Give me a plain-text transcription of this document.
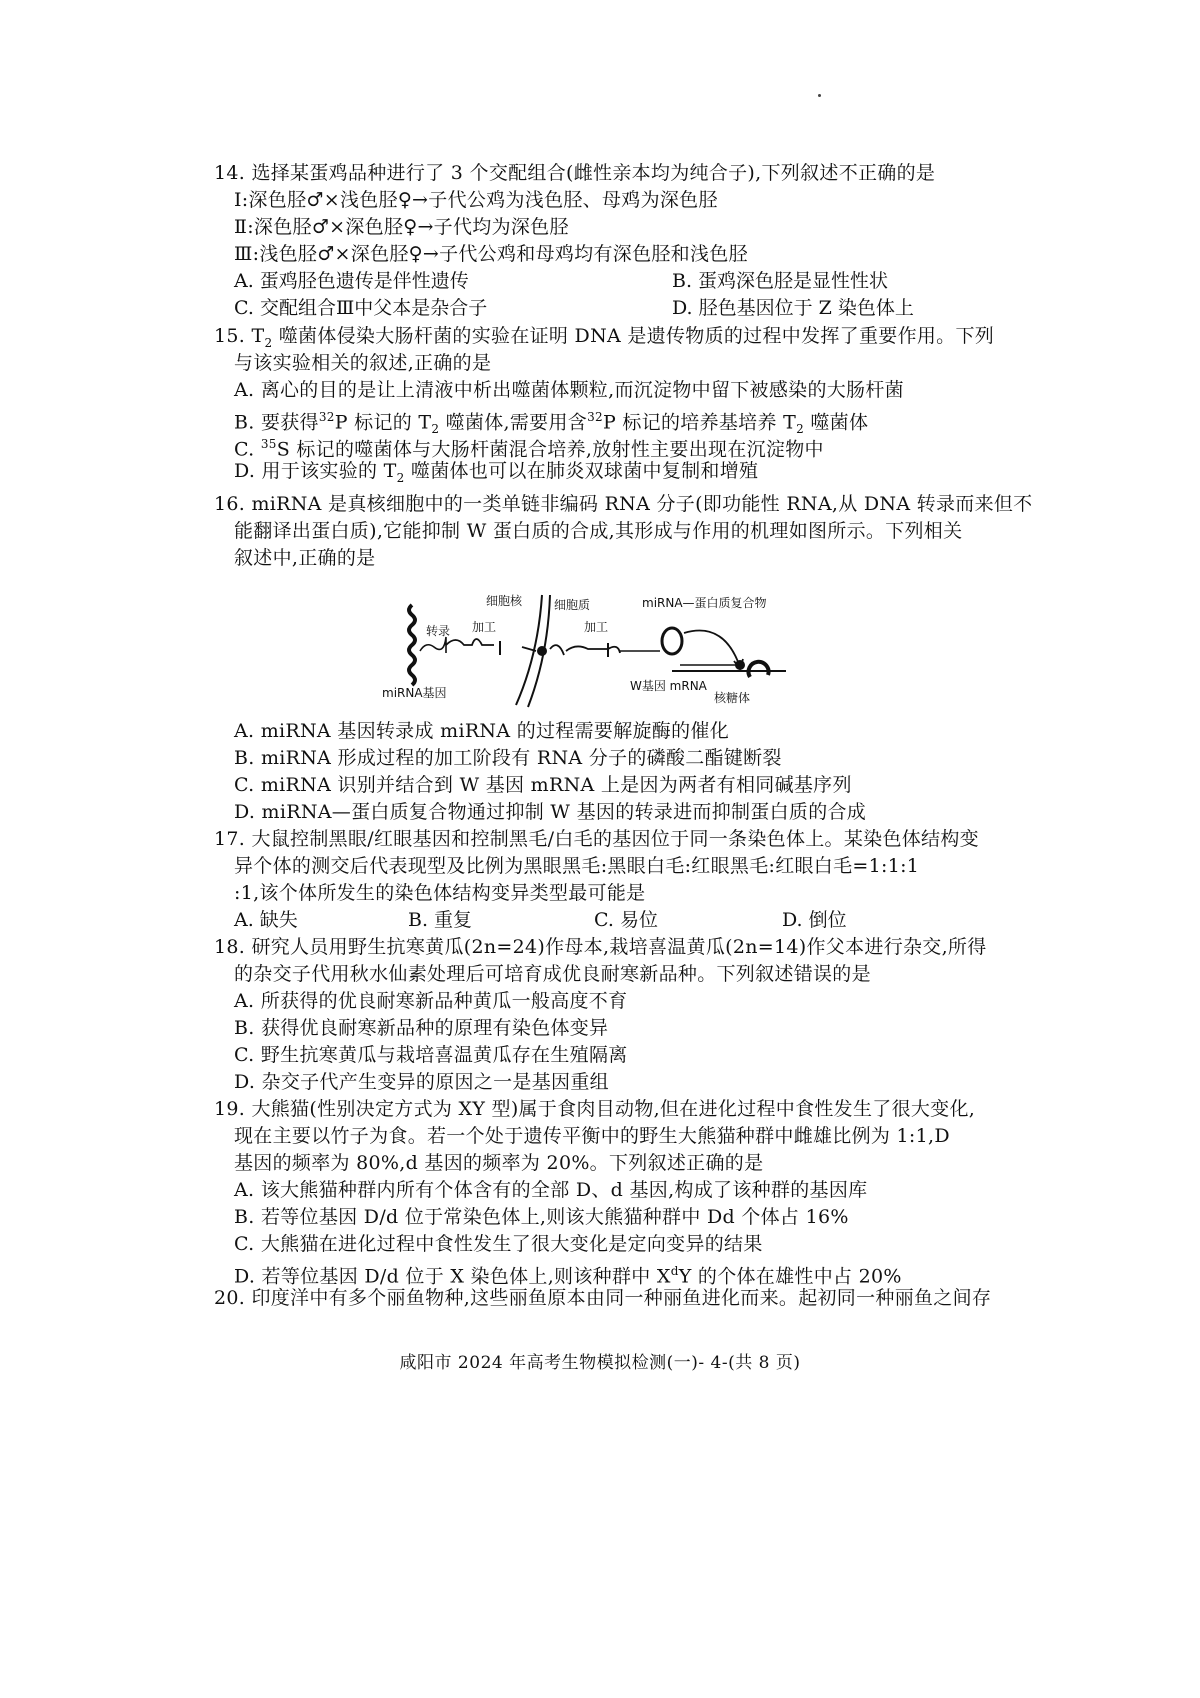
14. 选择某蛋鸡品种进行了 3 个交配组合(雌性亲本均为纯合子),下列叙述不正确的是
Ⅰ:深色胫♂×浅色胫♀→子代公鸡为浅色胫、母鸡为深色胫
Ⅱ:深色胫♂×深色胫♀→子代均为深色胫
Ⅲ:浅色胫♂×深色胫♀→子代公鸡和母鸡均有深色胫和浅色胫
A. 蛋鸡胫色遗传是伴性遗传	B. 蛋鸡深色胫是显性性状
C. 交配组合Ⅲ中父本是杂合子	D. 胫色基因位于 Z 染色体上
15. $T_2$ 噬菌体侵染大肠杆菌的实验在证明 DNA 是遗传物质的过程中发挥了重要作用。下列
与该实验相关的叙述,正确的是
A. 离心的目的是让上清液中析出噬菌体颗粒,而沉淀物中留下被感染的大肠杆菌
B. 要获得$^{32}$P 标记的 $T_2$ 噬菌体,需要用含$^{32}$P 标记的培养基培养 $T_2$ 噬菌体
C. $^{35}$S 标记的噬菌体与大肠杆菌混合培养,放射性主要出现在沉淀物中
D. 用于该实验的 $T_2$ 噬菌体也可以在肺炎双球菌中复制和增殖
16. miRNA 是真核细胞中的一类单链非编码 RNA 分子(即功能性 RNA,从 DNA 转录而来但不
能翻译出蛋白质),它能抑制 W 蛋白质的合成,其形成与作用的机理如图所示。下列相关
叙述中,正确的是
转录 加工
细胞核	细胞质
加工
miRNA—蛋白质复合物
W基因 mRNA
核糖体
miRNA基因
A. miRNA 基因转录成 miRNA 的过程需要解旋酶的催化
B. miRNA 形成过程的加工阶段有 RNA 分子的磷酸二酯键断裂
C. miRNA 识别并结合到 W 基因 mRNA 上是因为两者有相同碱基序列
D. miRNA—蛋白质复合物通过抑制 W 基因的转录进而抑制蛋白质的合成
17. 大鼠控制黑眼/红眼基因和控制黑毛/白毛的基因位于同一条染色体上。某染色体结构变
异个体的测交后代表现型及比例为黑眼黑毛:黑眼白毛:红眼黑毛:红眼白毛=1:1:1
:1,该个体所发生的染色体结构变异类型最可能是
A. 缺失	B. 重复	C. 易位	D. 倒位
18. 研究人员用野生抗寒黄瓜(2n=24)作母本,栽培喜温黄瓜(2n=14)作父本进行杂交,所得
的杂交子代用秋水仙素处理后可培育成优良耐寒新品种。下列叙述错误的是
A. 所获得的优良耐寒新品种黄瓜一般高度不育
B. 获得优良耐寒新品种的原理有染色体变异
C. 野生抗寒黄瓜与栽培喜温黄瓜存在生殖隔离
D. 杂交子代产生变异的原因之一是基因重组
19. 大熊猫(性别决定方式为 XY 型)属于食肉目动物,但在进化过程中食性发生了很大变化,
现在主要以竹子为食。若一个处于遗传平衡中的野生大熊猫种群中雌雄比例为 1:1,D
基因的频率为 80%,d 基因的频率为 20%。下列叙述正确的是
A. 该大熊猫种群内所有个体含有的全部 D、d 基因,构成了该种群的基因库
B. 若等位基因 D/d 位于常染色体上,则该大熊猫种群中 Dd 个体占 16%
C. 大熊猫在进化过程中食性发生了很大变化是定向变异的结果
D. 若等位基因 D/d 位于 X 染色体上,则该种群中 $X^dY$ 的个体在雄性中占 20%
20. 印度洋中有多个丽鱼物种,这些丽鱼原本由同一种丽鱼进化而来。起初同一种丽鱼之间存
咸阳市 2024 年高考生物模拟检测(一)- 4-(共 8 页)
